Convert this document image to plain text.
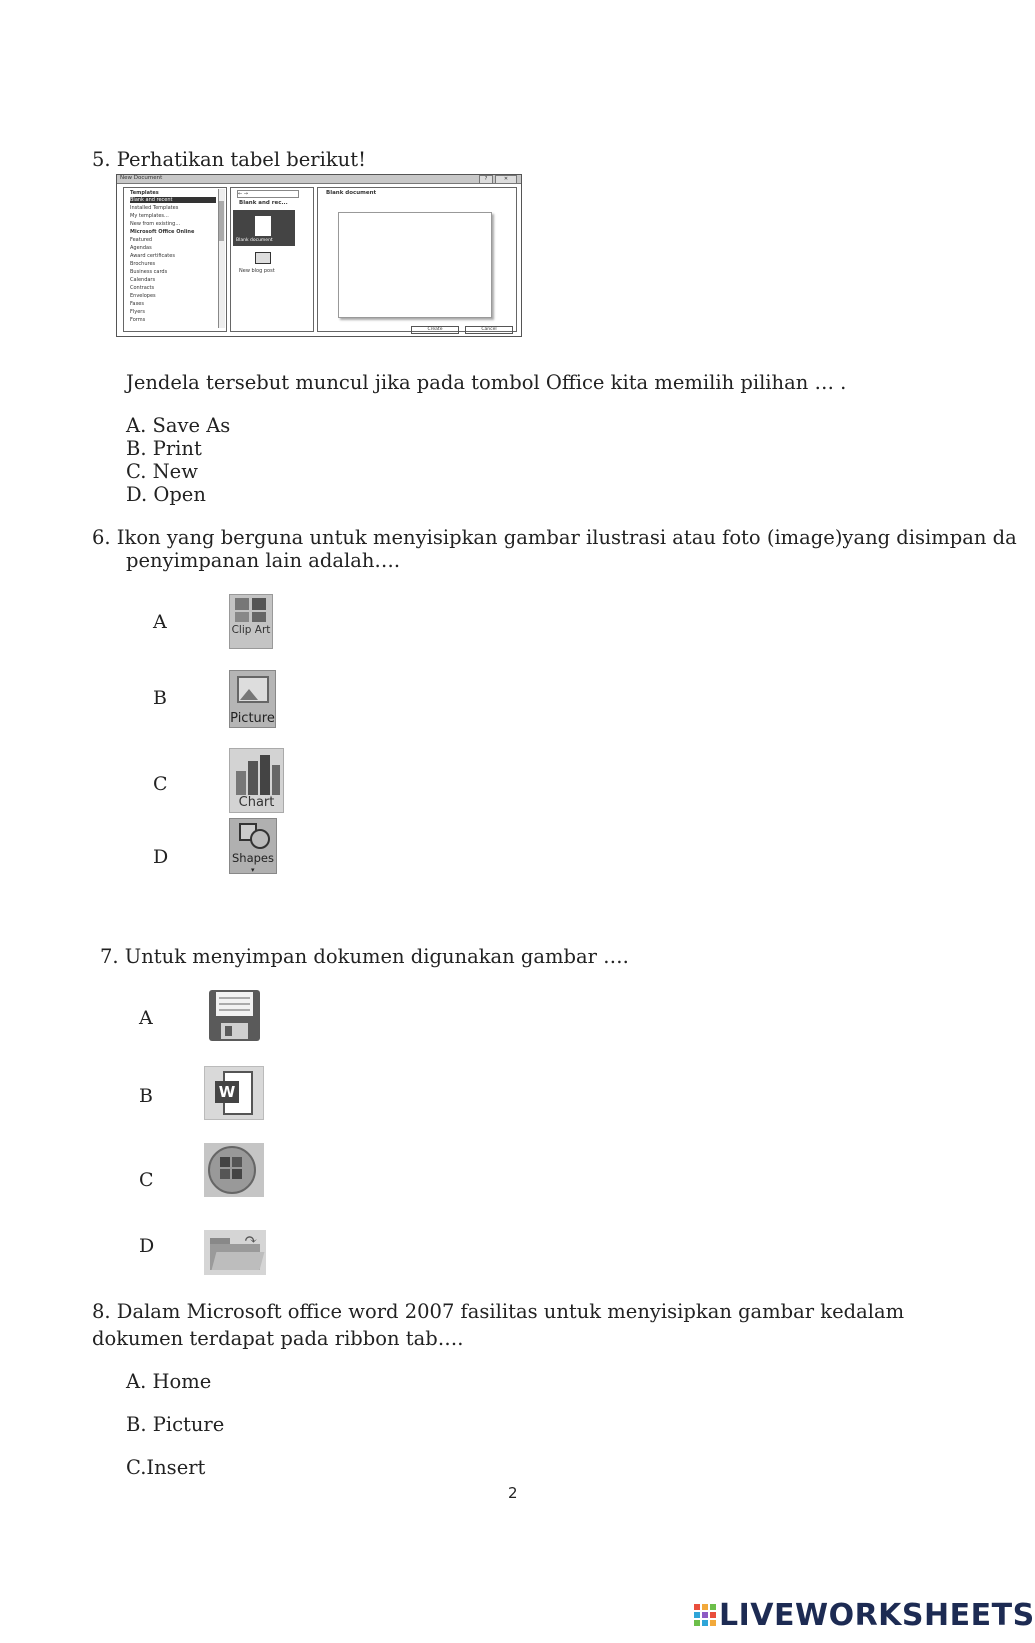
5. Perhatikan tabel berikut!
New Document	?	✕
Templates
Blank and recent
Installed Templates
My templates...
New from existing...
Microsoft Office Online
Featured
Agendas
Award certificates
Brochures
Business cards
Calendars
Contracts
Envelopes
Faxes
Flyers
Forms
← →
Blank and rec...
Blank document
New blog post
Blank document
Create	Cancel
Jendela tersebut muncul jika pada tombol Office kita memilih pilihan … .
A. Save As
B. Print
C. New
D. Open
6. Ikon yang berguna untuk menyisipkan gambar ilustrasi atau foto (image)yang disimpan da
penyimpanan lain adalah….
A	Clip Art
B
Picture
C
Chart
D	Shapes
▾
7. Untuk menyimpan dokumen digunakan gambar ….
A
B	W
C
D	↷
8. Dalam Microsoft office word 2007 fasilitas untuk menyisipkan gambar kedalam
dokumen terdapat pada ribbon tab….
A. Home
B. Picture
C.Insert
2
LIVEWORKSHEETS
